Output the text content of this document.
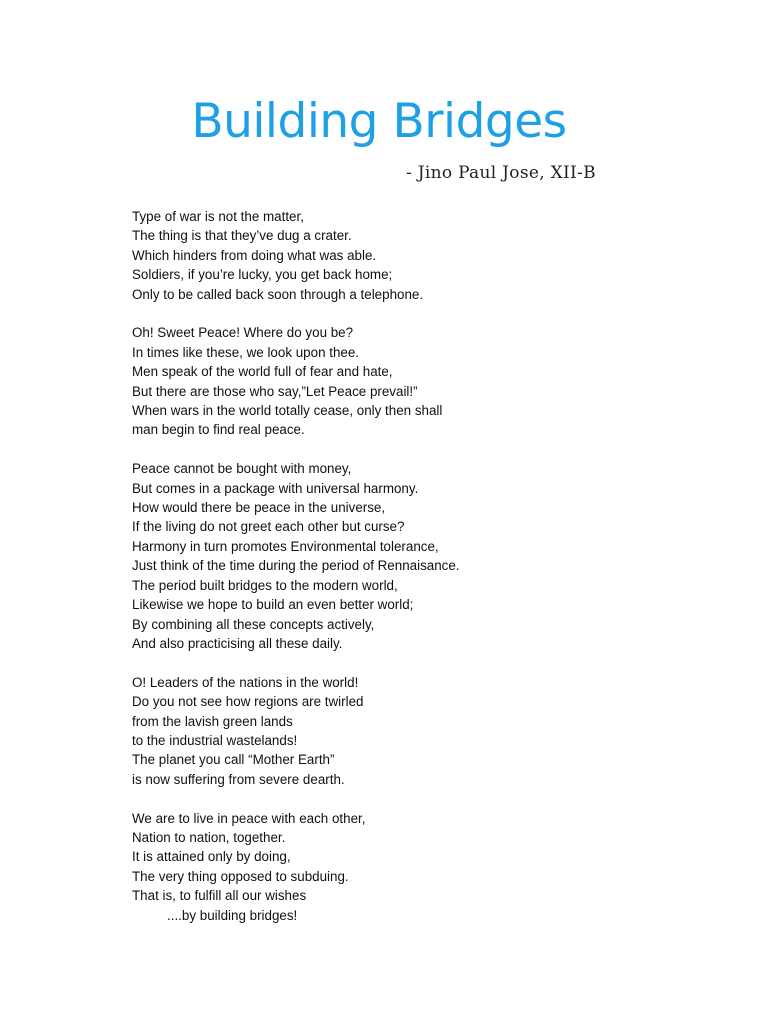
Building Bridges
- Jino Paul Jose, XII-B
Type of war is not the matter,
The thing is that they’ve dug a crater.
Which hinders from doing what was able.
Soldiers, if you’re lucky, you get back home;
Only to be called back soon through a telephone.
Oh! Sweet Peace! Where do you be?
In times like these, we look upon thee.
Men speak of the world full of fear and hate,
But there are those who say,”Let Peace prevail!”
When wars in the world totally cease, only then shall
man begin to find real peace.
Peace cannot be bought with money,
But comes in a package with universal harmony.
How would there be peace in the universe,
If the living do not greet each other but curse?
Harmony in turn promotes Environmental tolerance,
Just think of the time during the period of Rennaisance.
The period built bridges to the modern world,
Likewise we hope to build an even better world;
By combining all these concepts actively,
And also practicising all these daily.
O! Leaders of the nations in the world!
Do you not see how regions are twirled
from the lavish green lands
to the industrial wastelands!
The planet you call “Mother Earth”
is now suffering from severe dearth.
We are to live in peace with each other,
Nation to nation, together.
It is attained only by doing,
The very thing opposed to subduing.
That is, to fulfill all our wishes
....by building bridges!
